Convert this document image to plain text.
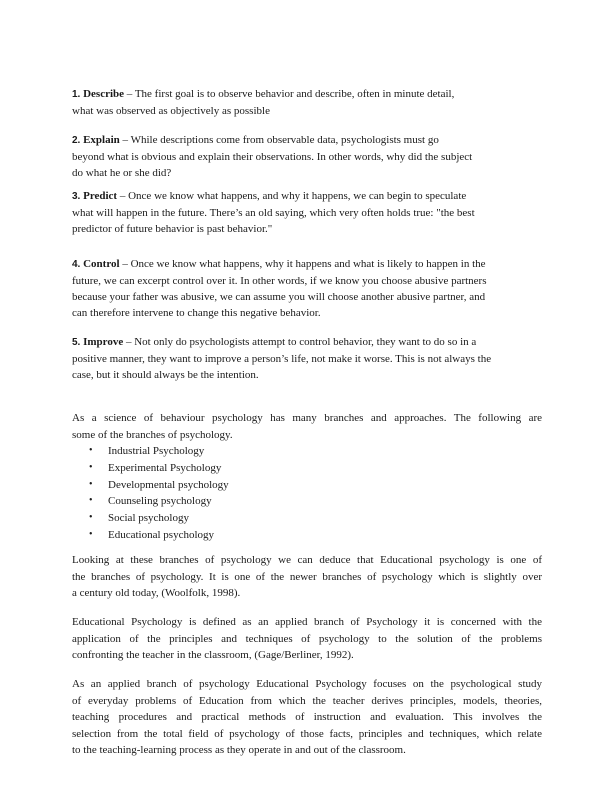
1. Describe – The first goal is to observe behavior and describe, often in minute detail,
what was observed as objectively as possible
2. Explain – While descriptions come from observable data, psychologists must go
beyond what is obvious and explain their observations. In other words, why did the subject
do what he or she did?
3. Predict – Once we know what happens, and why it happens, we can begin to speculate
what will happen in the future. There’s an old saying, which very often holds true: "the best
predictor of future behavior is past behavior."
4. Control – Once we know what happens, why it happens and what is likely to happen in the
future, we can excerpt control over it. In other words, if we know you choose abusive partners
because your father was abusive, we can assume you will choose another abusive partner, and
can therefore intervene to change this negative behavior.
5. Improve – Not only do psychologists attempt to control behavior, they want to do so in a
positive manner, they want to improve a person’s life, not make it worse. This is not always the
case, but it should always be the intention.
As a science of behaviour psychology has many branches and approaches. The following are
some of the branches of psychology.
• Industrial Psychology
• Experimental Psychology
• Developmental psychology
• Counseling psychology
• Social psychology
• Educational psychology
Looking at these branches of psychology we can deduce that Educational psychology is one of
the branches of psychology. It is one of the newer branches of psychology which is slightly over
a century old today, (Woolfolk, 1998).
Educational Psychology is defined as an applied branch of Psychology it is concerned with the
application of the principles and techniques of psychology to the solution of the problems
confronting the teacher in the classroom, (Gage/Berliner, 1992).
As an applied branch of psychology Educational Psychology focuses on the psychological study
of everyday problems of Education from which the teacher derives principles, models, theories,
teaching procedures and practical methods of instruction and evaluation. This involves the
selection from the total field of psychology of those facts, principles and techniques, which relate
to the teaching-learning process as they operate in and out of the classroom.
